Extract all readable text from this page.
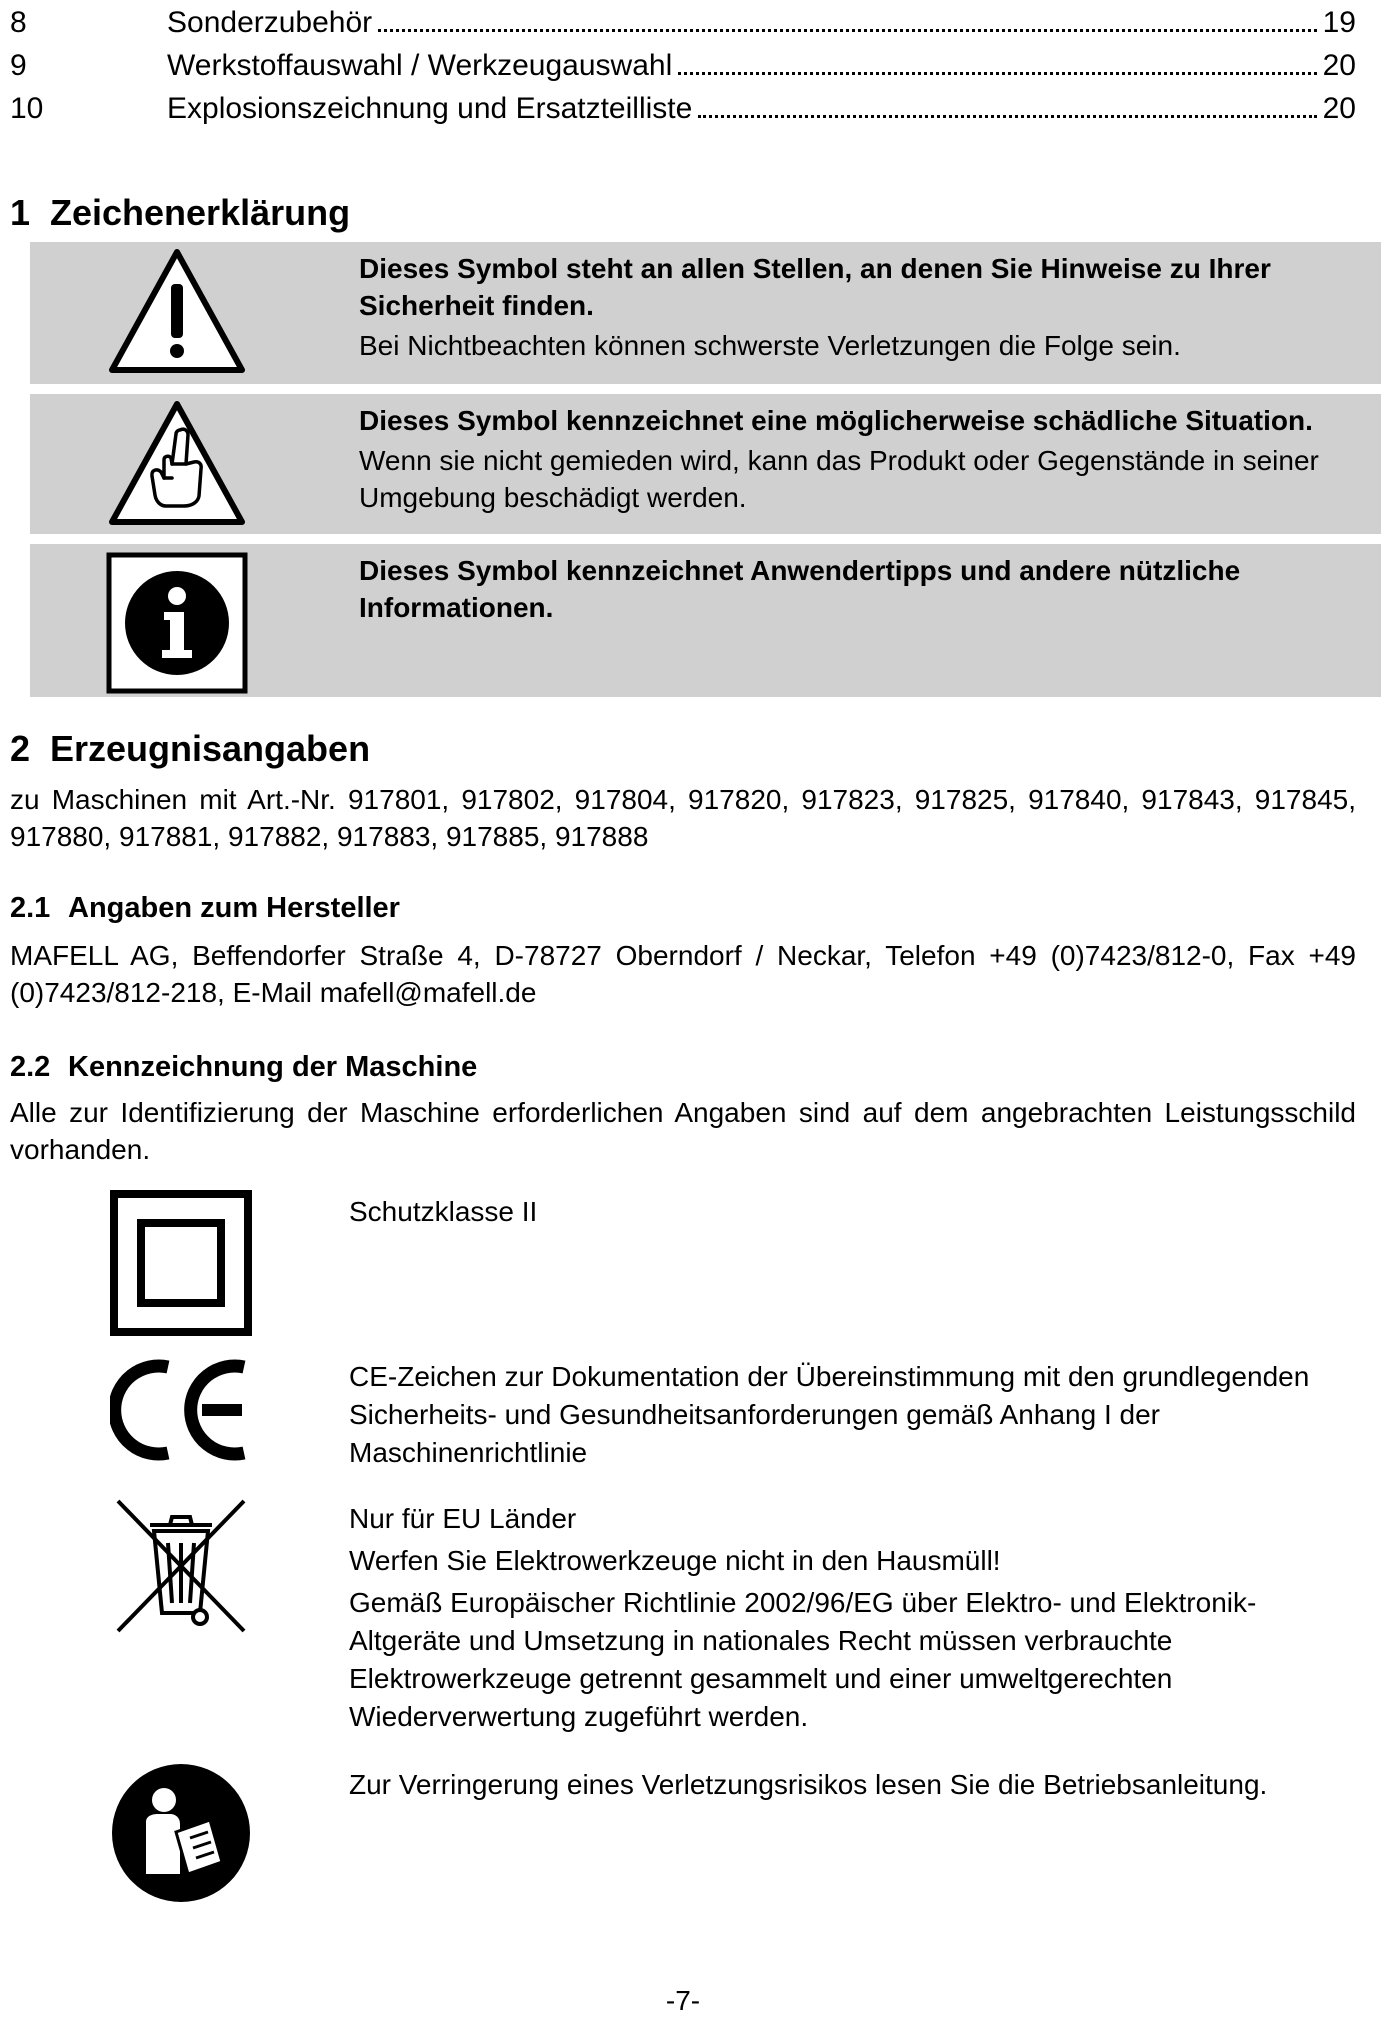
8	Sonderzubehör	19
9	Werkstoffauswahl / Werkzeugauswahl	20
10	Explosionszeichnung und Ersatzteilliste	20
1 Zeichenerklärung
Dieses Symbol steht an allen Stellen, an denen Sie Hinweise zu Ihrer Sicherheit finden.
Bei Nichtbeachten können schwerste Verletzungen die Folge sein.
Dieses Symbol kennzeichnet eine möglicherweise schädliche Situation.
Wenn sie nicht gemieden wird, kann das Produkt oder Gegenstände in seiner Umgebung beschädigt werden.
Dieses Symbol kennzeichnet Anwendertipps und andere nützliche Informationen.
2 Erzeugnisangaben
zu Maschinen mit Art.-Nr. 917801, 917802, 917804, 917820, 917823, 917825, 917840, 917843, 917845, 917880, 917881, 917882, 917883, 917885, 917888
2.1 Angaben zum Hersteller
MAFELL AG, Beffendorfer Straße 4, D-78727 Oberndorf / Neckar, Telefon +49 (0)7423/812-0, Fax +49 (0)7423/812-218, E-Mail mafell@mafell.de
2.2 Kennzeichnung der Maschine
Alle zur Identifizierung der Maschine erforderlichen Angaben sind auf dem angebrachten Leistungsschild vorhanden.
Schutzklasse II
CE-Zeichen zur Dokumentation der Übereinstimmung mit den grundlegenden Sicherheits- und Gesundheitsanforderungen gemäß Anhang I der Maschinenrichtlinie
Nur für EU Länder
Werfen Sie Elektrowerkzeuge nicht in den Hausmüll!
Gemäß Europäischer Richtlinie 2002/96/EG über Elektro- und Elektronik- Altgeräte und Umsetzung in nationales Recht müssen verbrauchte Elektrowerkzeuge getrennt gesammelt und einer umweltgerechten Wiederverwertung zugeführt werden.
Zur Verringerung eines Verletzungsrisikos lesen Sie die Betriebsanleitung.
-7-
